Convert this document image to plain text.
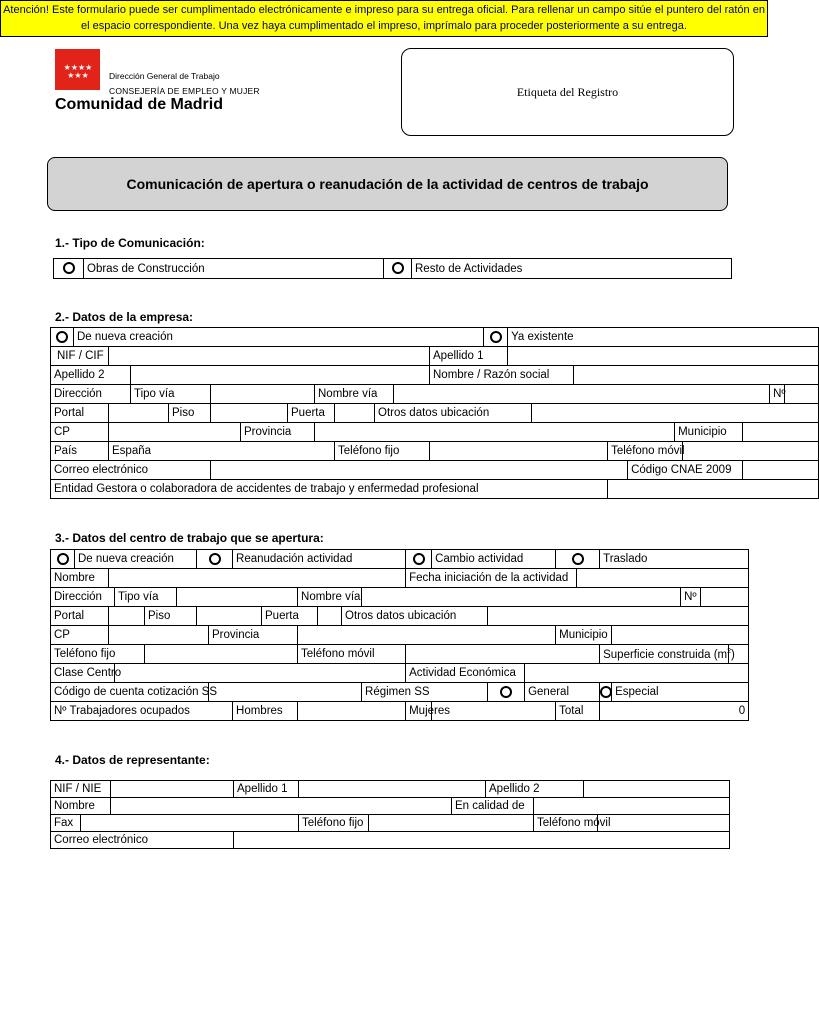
Atención! Este formulario puede ser cumplimentado electrónicamente e impreso para su entrega oficial. Para rellenar un campo sitúe el puntero del ratón en el espacio correspondiente. Una vez haya cumplimentado el impreso, imprímalo para proceder posteriormente a su entrega.
★★★★ ★★★	Dirección General de Trabajo
CONSEJERÍA DE EMPLEO Y MUJER
Comunidad de Madrid
Etiqueta del Registro
Comunicación de apertura o reanudación de la actividad de centros de trabajo
1.- Tipo de Comunicación:
	Obras de Construcción		Resto de Actividades
2.- Datos de la empresa:
	De nueva creación													Ya existente									
NIF / CIF												Apellido 1											
Apellido 2												Nombre / Razón social											
Dirección			Tipo vía					Nombre vía														Nº	
Portal				Piso			Puerta			Otros datos ubicación													
CP						Provincia													Municipio				
País		España							Teléfono fijo								Teléfono móvil						
Correo electrónico																		Código CNAE 2009					
Entidad Gestora o colaboradora de accidentes de trabajo y enfermedad profesional																							
3.- Datos del centro de trabajo que se apertura:
	De nueva creación							Reanudación actividad							Cambio actividad					Traslado				
Nombre														Fecha iniciación de la actividad										
Dirección			Tipo vía							Nombre vía												Nº		
Portal				Piso					Puerta			Otros datos ubicación												
CP							Provincia											Municipio						
Teléfono fijo										Teléfono móvil										Superficie construida $(m^2)$				
Clase Centro														Actividad Económica										
Código de cuenta cotización SS													Régimen SS				General				Especial			
Nº Trabajadores ocupados								Hombres						Mujeres				Total		0				
4.- Datos de representante:
NIF / NIE			Apellido 1				Apellido 2			
Nombre						En calidad de				
Fax				Teléfono fijo				Teléfono móvil		
Correo electrónico										
